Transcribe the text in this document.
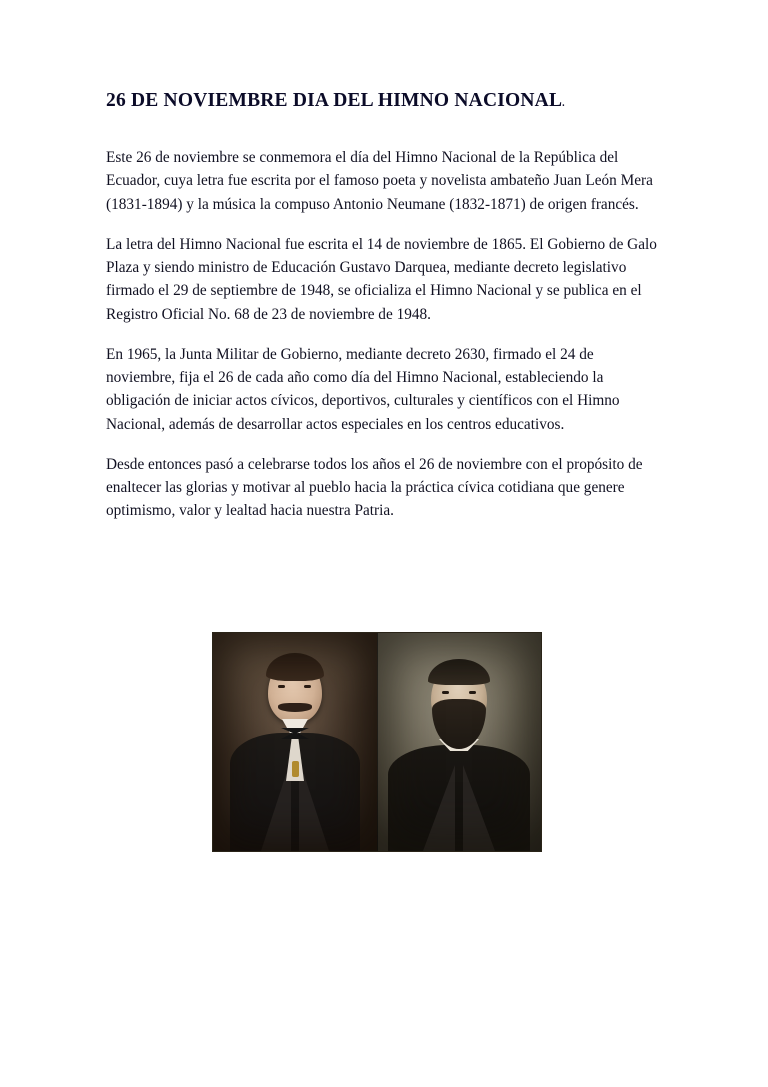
26 DE NOVIEMBRE DIA DEL HIMNO NACIONAL.

Este 26 de noviembre se conmemora el día del Himno Nacional de la República del Ecuador, cuya letra fue escrita por el famoso poeta y novelista ambateño Juan León Mera (1831-1894) y la música la compuso Antonio Neumane (1832-1871) de origen francés.

La letra del Himno Nacional fue escrita el 14 de noviembre de 1865. El Gobierno de Galo Plaza y siendo ministro de Educación Gustavo Darquea, mediante decreto legislativo firmado el 29 de septiembre de 1948, se oficializa el Himno Nacional y se publica en el Registro Oficial No. 68 de 23 de noviembre de 1948.

En 1965, la Junta Militar de Gobierno, mediante decreto 2630, firmado el 24 de noviembre, fija el 26 de cada año como día del Himno Nacional, estableciendo la obligación de iniciar actos cívicos, deportivos, culturales y científicos con el Himno Nacional, además de desarrollar actos especiales en los centros educativos.

Desde entonces pasó a celebrarse todos los años el 26 de noviembre con el propósito de enaltecer las glorias y motivar al pueblo hacia la práctica cívica cotidiana que genere optimismo, valor y lealtad hacia nuestra Patria.
